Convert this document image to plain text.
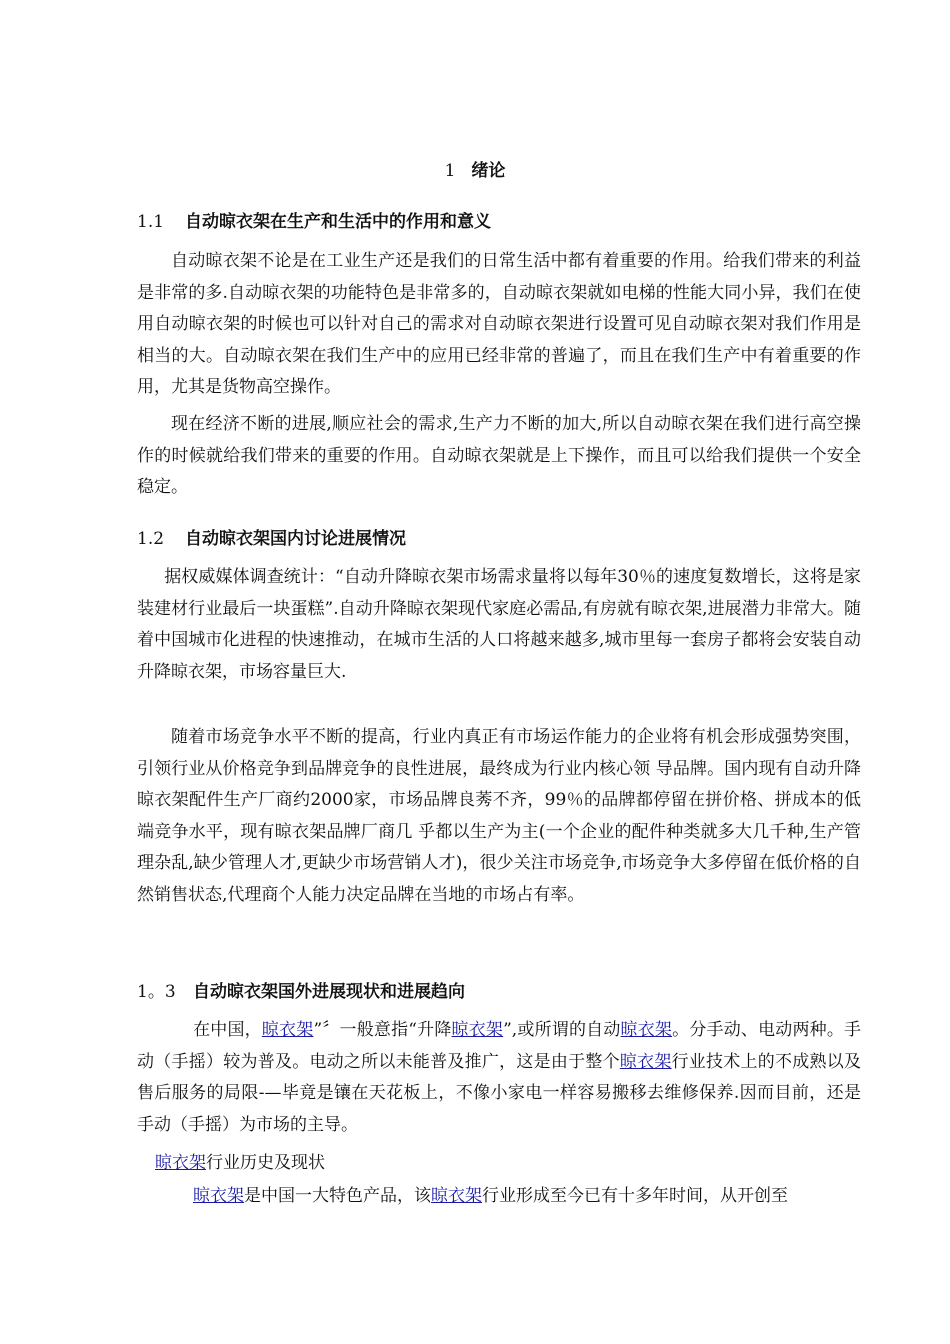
1 绪论
1.1 自动晾衣架在生产和生活中的作用和意义

自动晾衣架不论是在工业生产还是我们的日常生活中都有着重要的作用。给我们带来的利益是非常的多.自动晾衣架的功能特色是非常多的，自动晾衣架就如电梯的性能大同小异，我们在使用自动晾衣架的时候也可以针对自己的需求对自动晾衣架进行设置可见自动晾衣架对我们作用是相当的大。自动晾衣架在我们生产中的应用已经非常的普遍了，而且在我们生产中有着重要的作用，尤其是货物高空操作。

现在经济不断的进展,顺应社会的需求,生产力不断的加大,所以自动晾衣架在我们进行高空操作的时候就给我们带来的重要的作用。自动晾衣架就是上下操作，而且可以给我们提供一个安全稳定。

1.2 自动晾衣架国内讨论进展情况

据权威媒体调查统计：“自动升降晾衣架市场需求量将以每年30％的速度复数增长，这将是家装建材行业最后一块蛋糕”.自动升降晾衣架现代家庭必需品,有房就有晾衣架,进展潜力非常大。随着中国城市化进程的快速推动，在城市生活的人口将越来越多,城市里每一套房子都将会安装自动升降晾衣架，市场容量巨大.

随着市场竞争水平不断的提高，行业内真正有市场运作能力的企业将有机会形成强势突围，引领行业从价格竞争到品牌竞争的良性进展，最终成为行业内核心领 导品牌。国内现有自动升降晾衣架配件生产厂商约2000家，市场品牌良莠不齐，99％的品牌都停留在拼价格、拼成本的低端竞争水平，现有晾衣架品牌厂商几 乎都以生产为主(一个企业的配件种类就多大几千种,生产管理杂乱,缺少管理人才,更缺少市场营销人才)，很少关注市场竞争,市场竞争大多停留在低价格的自 然销售状态,代理商个人能力决定品牌在当地的市场占有率。

1。3 自动晾衣架国外进展现状和进展趋向

在中国，晾衣架”〞一般意指“升降晾衣架”,或所谓的自动晾衣架。分手动、电动两种。手动（手摇）较为普及。电动之所以未能普及推广，这是由于整个晾衣架行业技术上的不成熟以及售后服务的局限-—毕竟是镶在天花板上，不像小家电一样容易搬移去维修保养.因而目前，还是手动（手摇）为市场的主导。

晾衣架行业历史及现状
晾衣架是中国一大特色产品，该晾衣架行业形成至今已有十多年时间，从开创至
